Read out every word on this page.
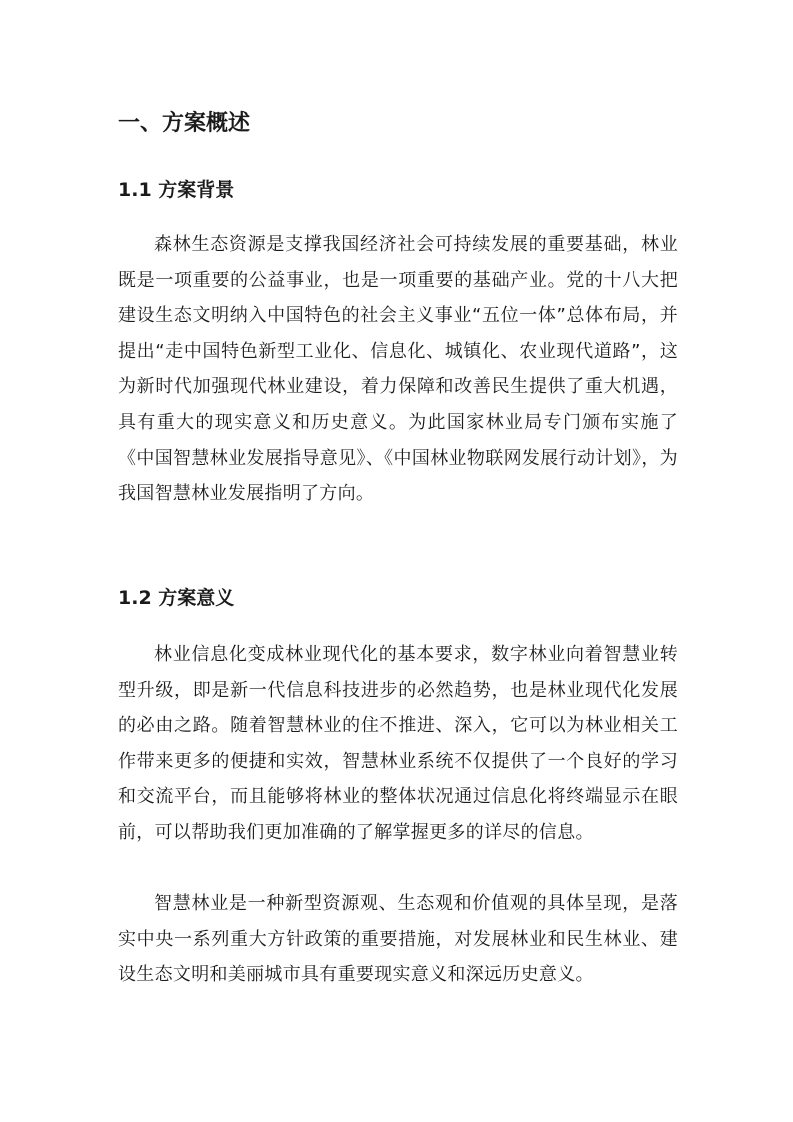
一、方案概述
1.1 方案背景

森林生态资源是支撑我国经济社会可持续发展的重要基础，林业既是一项重要的公益事业，也是一项重要的基础产业。党的十八大把建设生态文明纳入中国特色的社会主义事业“五位一体”总体布局，并提出“走中国特色新型工业化、信息化、城镇化、农业现代道路”，这为新时代加强现代林业建设，着力保障和改善民生提供了重大机遇，具有重大的现实意义和历史意义。为此国家林业局专门颁布实施了《中国智慧林业发展指导意见》、《中国林业物联网发展行动计划》，为我国智慧林业发展指明了方向。

1.2 方案意义

林业信息化变成林业现代化的基本要求，数字林业向着智慧业转型升级，即是新一代信息科技进步的必然趋势，也是林业现代化发展的必由之路。随着智慧林业的住不推进、深入，它可以为林业相关工作带来更多的便捷和实效，智慧林业系统不仅提供了一个良好的学习和交流平台，而且能够将林业的整体状况通过信息化将终端显示在眼前，可以帮助我们更加准确的了解掌握更多的详尽的信息。

智慧林业是一种新型资源观、生态观和价值观的具体呈现，是落实中央一系列重大方针政策的重要措施，对发展林业和民生林业、建设生态文明和美丽城市具有重要现实意义和深远历史意义。
